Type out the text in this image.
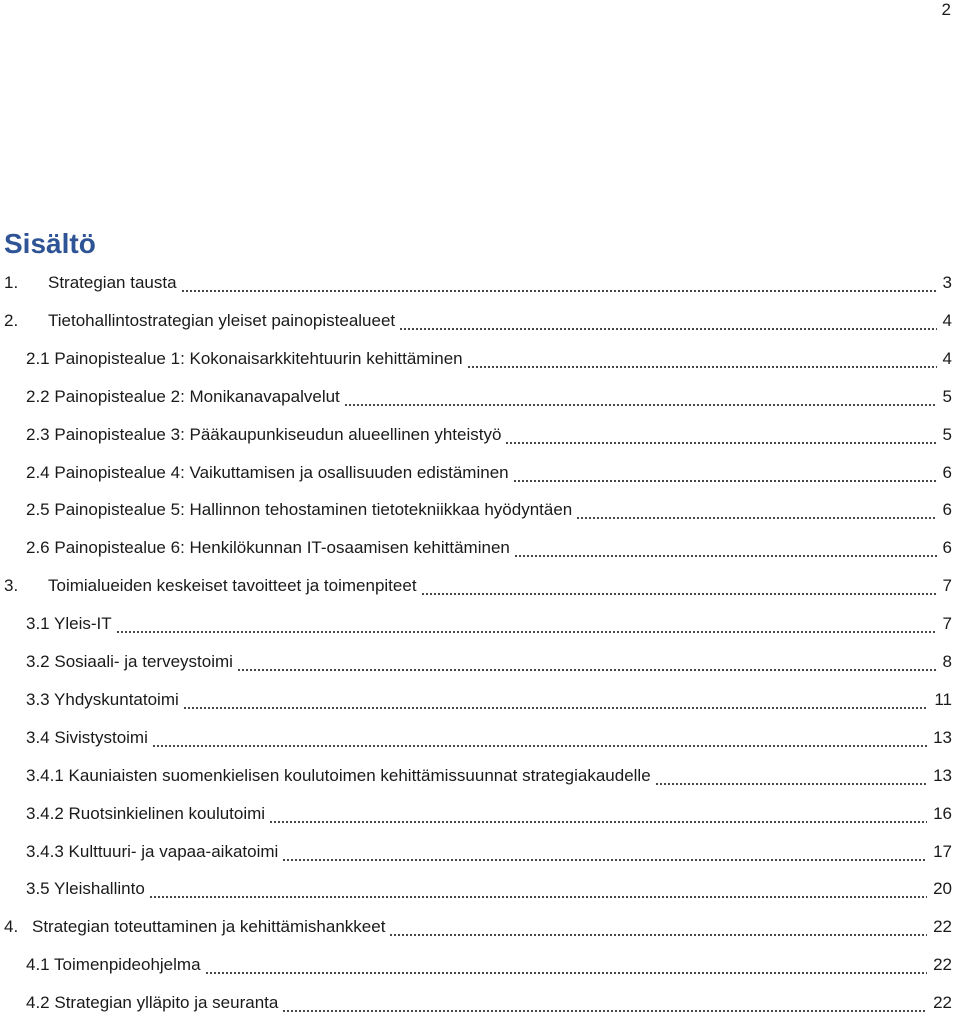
2
Sisältö
1. Strategian tausta	3
2. Tietohallintostrategian yleiset painopistealueet	4
2.1 Painopistealue 1: Kokonaisarkkitehtuurin kehittäminen	4
2.2 Painopistealue 2: Monikanavapalvelut	5
2.3 Painopistealue 3: Pääkaupunkiseudun alueellinen yhteistyö	5
2.4 Painopistealue 4: Vaikuttamisen ja osallisuuden edistäminen	6
2.5 Painopistealue 5: Hallinnon tehostaminen tietotekniikkaa hyödyntäen	6
2.6 Painopistealue 6: Henkilökunnan IT-osaamisen kehittäminen	6
3. Toimialueiden keskeiset tavoitteet ja toimenpiteet	7
3.1 Yleis-IT	7
3.2 Sosiaali- ja terveystoimi	8
3.3 Yhdyskuntatoimi	11
3.4 Sivistystoimi	13
3.4.1 Kauniaisten suomenkielisen koulutoimen kehittämissuunnat strategiakaudelle	13
3.4.2 Ruotsinkielinen koulutoimi	16
3.4.3 Kulttuuri- ja vapaa-aikatoimi	17
3.5 Yleishallinto	20
4. Strategian toteuttaminen ja kehittämishankkeet	22
4.1 Toimenpideohjelma	22
4.2 Strategian ylläpito ja seuranta	22
